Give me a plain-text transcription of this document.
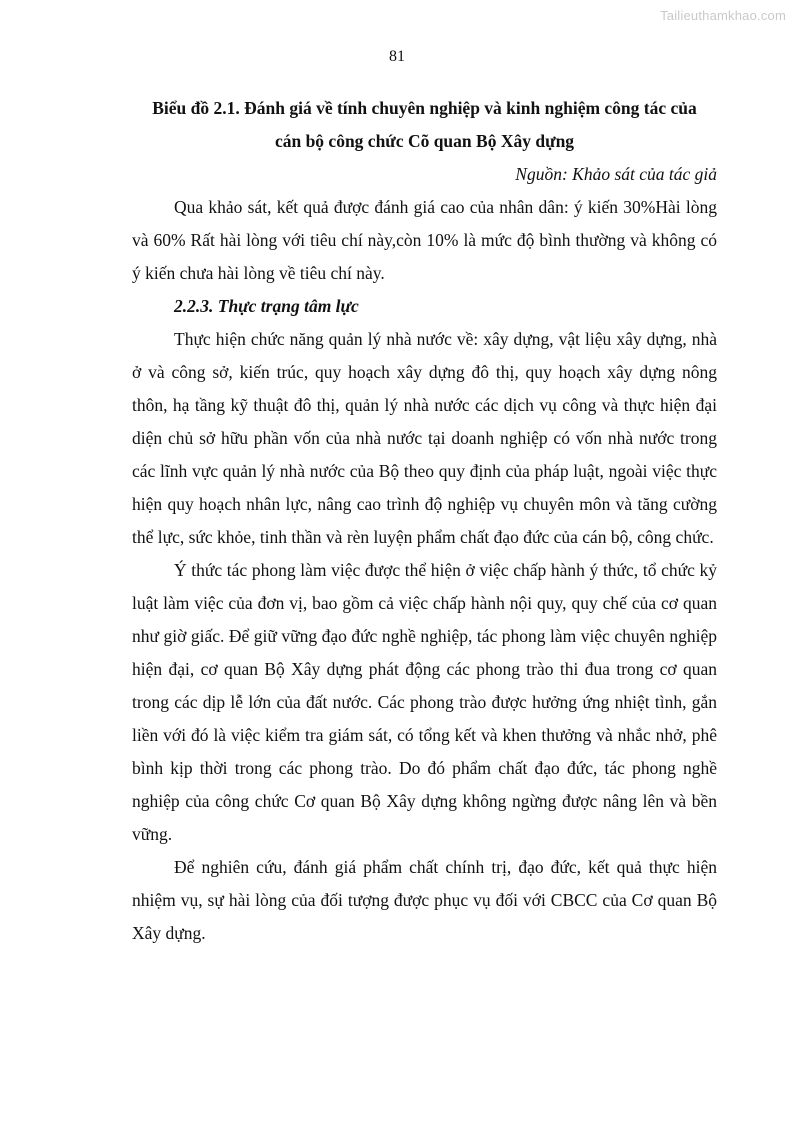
Tailieuthamkhao.com
81

Biểu đồ 2.1. Đánh giá về tính chuyên nghiệp và kinh nghiệm công tác của
cán bộ công chức Cõ quan Bộ Xây dựng

Nguồn: Khảo sát của tác giả

Qua khảo sát, kết quả được đánh giá cao của nhân dân: ý kiến 30%Hài lòng và 60% Rất hài lòng với tiêu chí này,còn 10% là mức độ bình thường và không có ý kiến chưa hài lòng về tiêu chí này.

2.2.3. Thực trạng tâm lực

Thực hiện chức năng quản lý nhà nước về: xây dựng, vật liệu xây dựng, nhà ở và công sở, kiến trúc, quy hoạch xây dựng đô thị, quy hoạch xây dựng nông thôn, hạ tầng kỹ thuật đô thị, quản lý nhà nước các dịch vụ công và thực hiện đại diện chủ sở hữu phần vốn của nhà nước tại doanh nghiệp có vốn nhà nước trong các lĩnh vực quản lý nhà nước của Bộ theo quy định của pháp luật, ngoài việc thực hiện quy hoạch nhân lực, nâng cao trình độ nghiệp vụ chuyên môn và tăng cường thể lực, sức khỏe, tinh thần và rèn luyện phẩm chất đạo đức của cán bộ, công chức.

Ý thức tác phong làm việc được thể hiện ở việc chấp hành ý thức, tổ chức kỷ luật làm việc của đơn vị, bao gồm cả việc chấp hành nội quy, quy chế của cơ quan như giờ giấc. Để giữ vững đạo đức nghề nghiệp, tác phong làm việc chuyên nghiệp hiện đại, cơ quan Bộ Xây dựng phát động các phong trào thi đua trong cơ quan trong các dịp lễ lớn của đất nước. Các phong trào được hưởng ứng nhiệt tình, gắn liền với đó là việc kiểm tra giám sát, có tổng kết và khen thưởng và nhắc nhở, phê bình kịp thời trong các phong trào. Do đó phẩm chất đạo đức, tác phong nghề nghiệp của công chức Cơ quan Bộ Xây dựng không ngừng được nâng lên và bền vững.

Để nghiên cứu, đánh giá phẩm chất chính trị, đạo đức, kết quả thực hiện nhiệm vụ, sự hài lòng của đối tượng được phục vụ đối với CBCC của Cơ quan Bộ Xây dựng.
